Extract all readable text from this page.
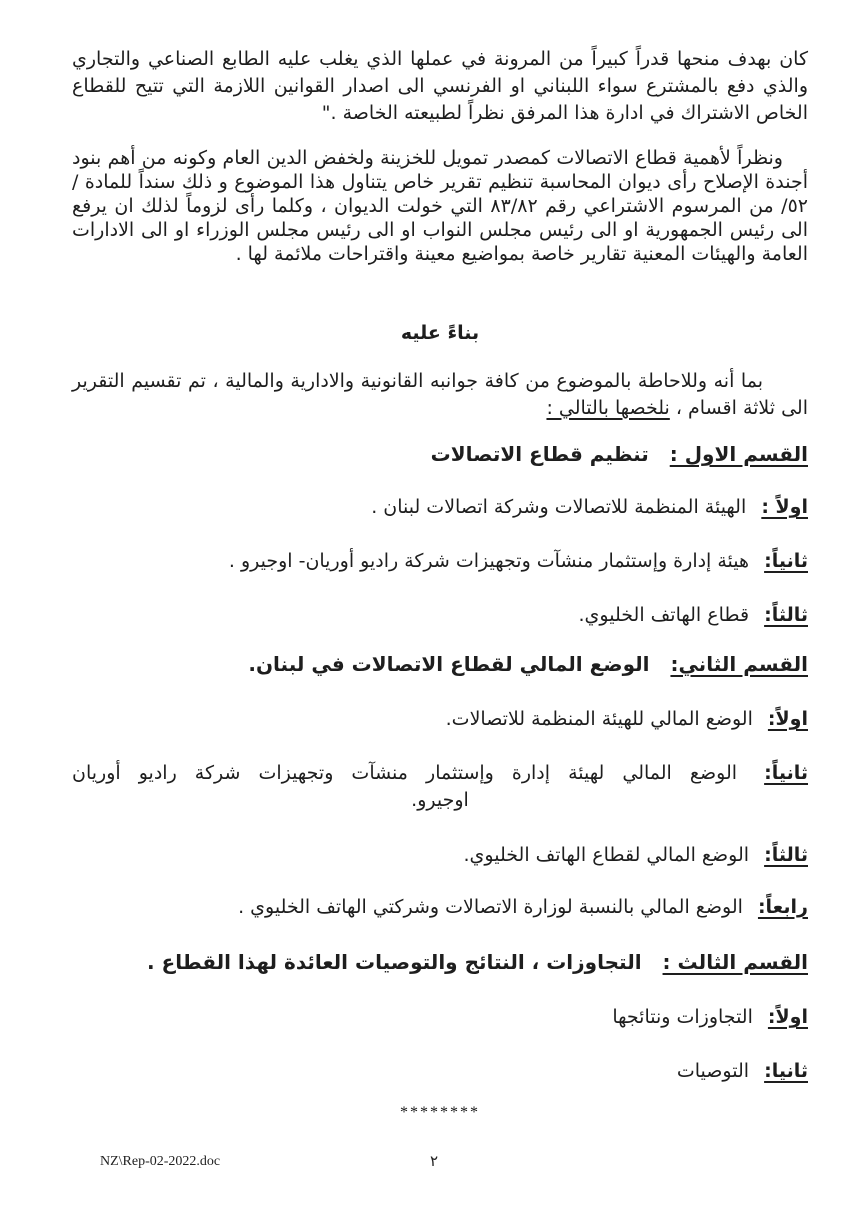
كان بهدف منحها قدراً كبيراً من المرونة في عملها الذي يغلب عليه الطابع الصناعي والتجاري والذي دفع بالمشترع سواء اللبناني او الفرنسي الى اصدار القوانين اللازمة التي تتيح للقطاع الخاص الاشتراك في ادارة هذا المرفق نظراً لطبيعته الخاصة ."

ونظراً لأهمية قطاع الاتصالات كمصدر تمويل للخزينة ولخفض الدين العام وكونه من أهم بنود أجندة الإصلاح رأى ديوان المحاسبة تنظيم تقرير خاص يتناول هذا الموضوع و ذلك سنداً للمادة /٥٢/ من المرسوم الاشتراعي رقم ٨٣/٨٢ التي خولت الديوان ، وكلما رأى لزوماً لذلك ان يرفع الى رئيس الجمهورية او الى رئيس مجلس النواب او الى رئيس مجلس الوزراء او الى الادارات العامة والهيئات المعنية تقارير خاصة بمواضيع معينة واقتراحات ملائمة لها .

بناءً عليه

بما أنه وللاحاطة بالموضوع من كافة جوانبه القانونية والادارية والمالية ، تم تقسيم التقرير الى ثلاثة اقسام ، نلخصها بالتالي :

القسم الاول : تنظيم قطاع الاتصالات

اولاً : الهيئة المنظمة للاتصالات وشركة اتصالات لبنان .

ثانياً: هيئة إدارة وإستثمار منشآت وتجهيزات شركة راديو أوريان- اوجيرو .

ثالثاً: قطاع الهاتف الخليوي.

القسم الثاني: الوضع المالي لقطاع الاتصالات في لبنان.

اولاً: الوضع المالي للهيئة المنظمة للاتصالات.

ثانياً: الوضع المالي لهيئة إدارة وإستثمار منشآت وتجهيزات شركة راديو أوريان
اوجيرو.

ثالثاً: الوضع المالي لقطاع الهاتف الخليوي.

رابعاً: الوضع المالي بالنسبة لوزارة الاتصالات وشركتي الهاتف الخليوي .

القسم الثالث : التجاوزات ، النتائج والتوصيات العائدة لهذا القطاع .

اولاً: التجاوزات ونتائجها

ثانيا: التوصيات

********

NZ\Rep-02-2022.doc	٢
